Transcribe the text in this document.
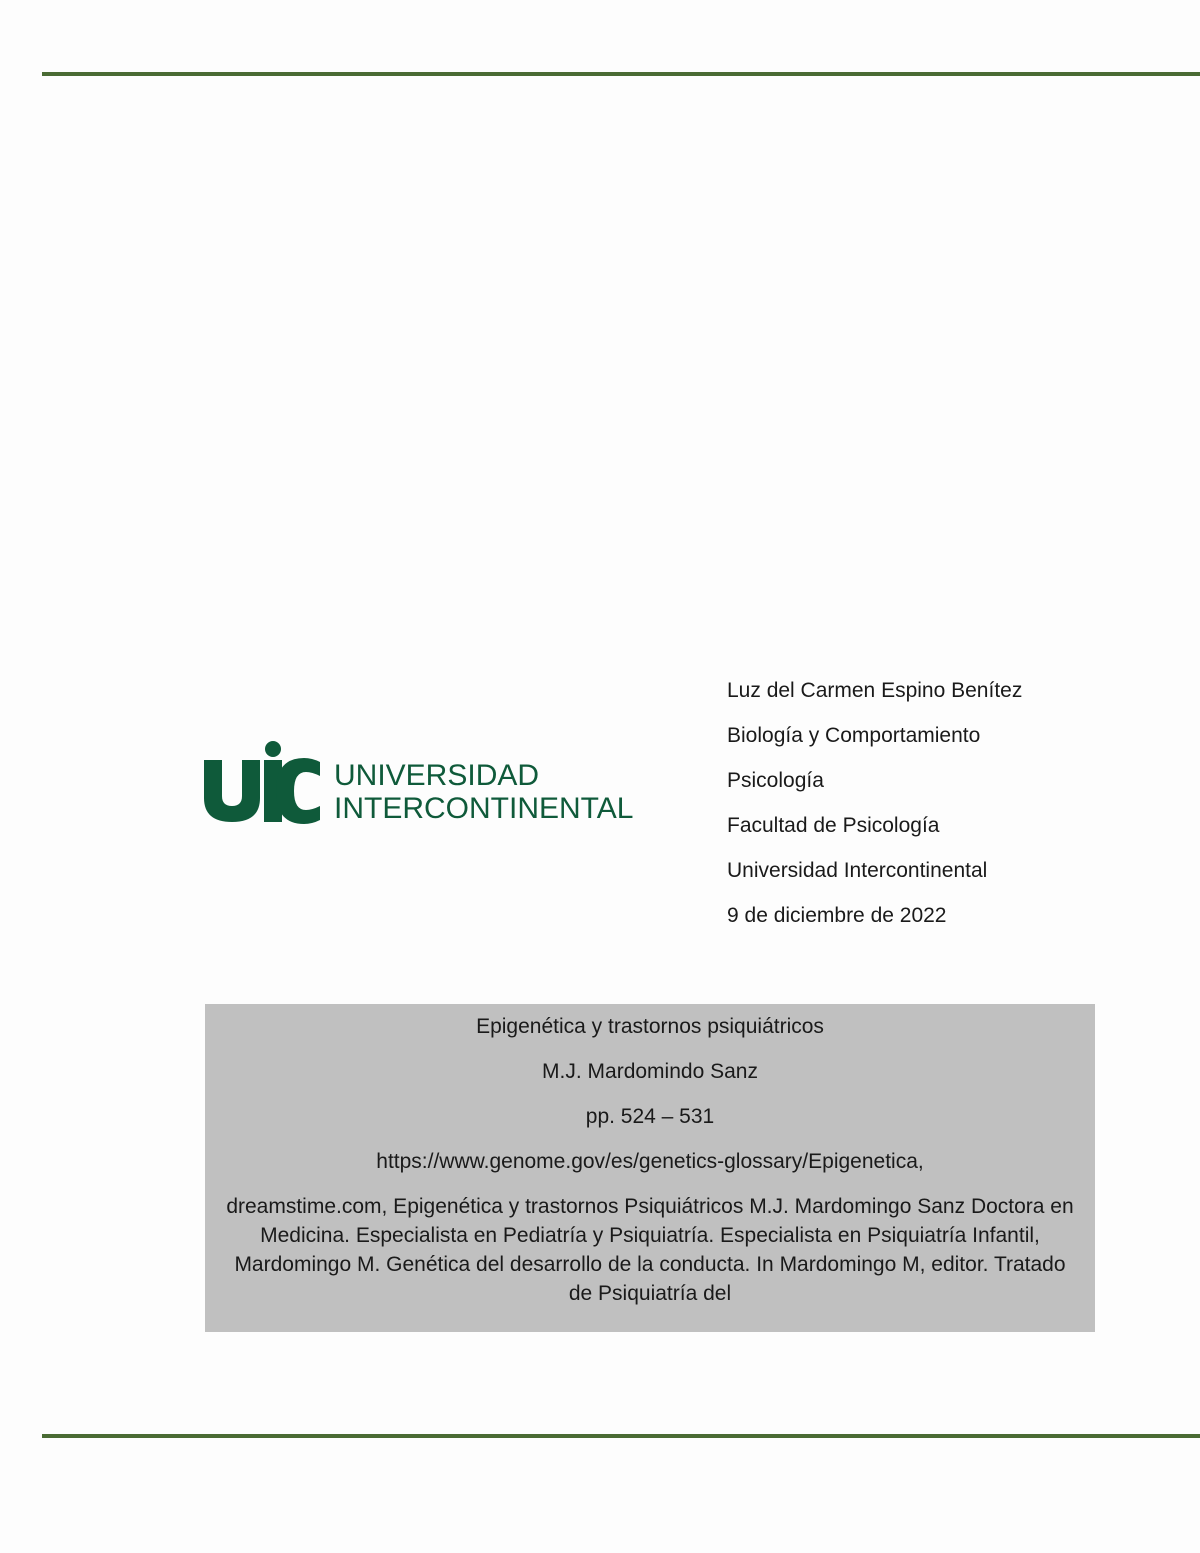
UNIVERSIDAD
INTERCONTINENTAL
Luz del Carmen Espino Benítez
Biología y Comportamiento
Psicología
Facultad de Psicología
Universidad Intercontinental
9 de diciembre de 2022
Epigenética y trastornos psiquiátricos
M.J. Mardomindo Sanz
pp. 524 – 531
https://www.genome.gov/es/genetics-glossary/Epigenetica,
dreamstime.com, Epigenética y trastornos Psiquiátricos M.J. Mardomingo Sanz Doctora en Medicina. Especialista en Pediatría y Psiquiatría. Especialista en Psiquiatría Infantil, Mardomingo M. Genética del desarrollo de la conducta. In Mardomingo M, editor. Tratado de Psiquiatría del
